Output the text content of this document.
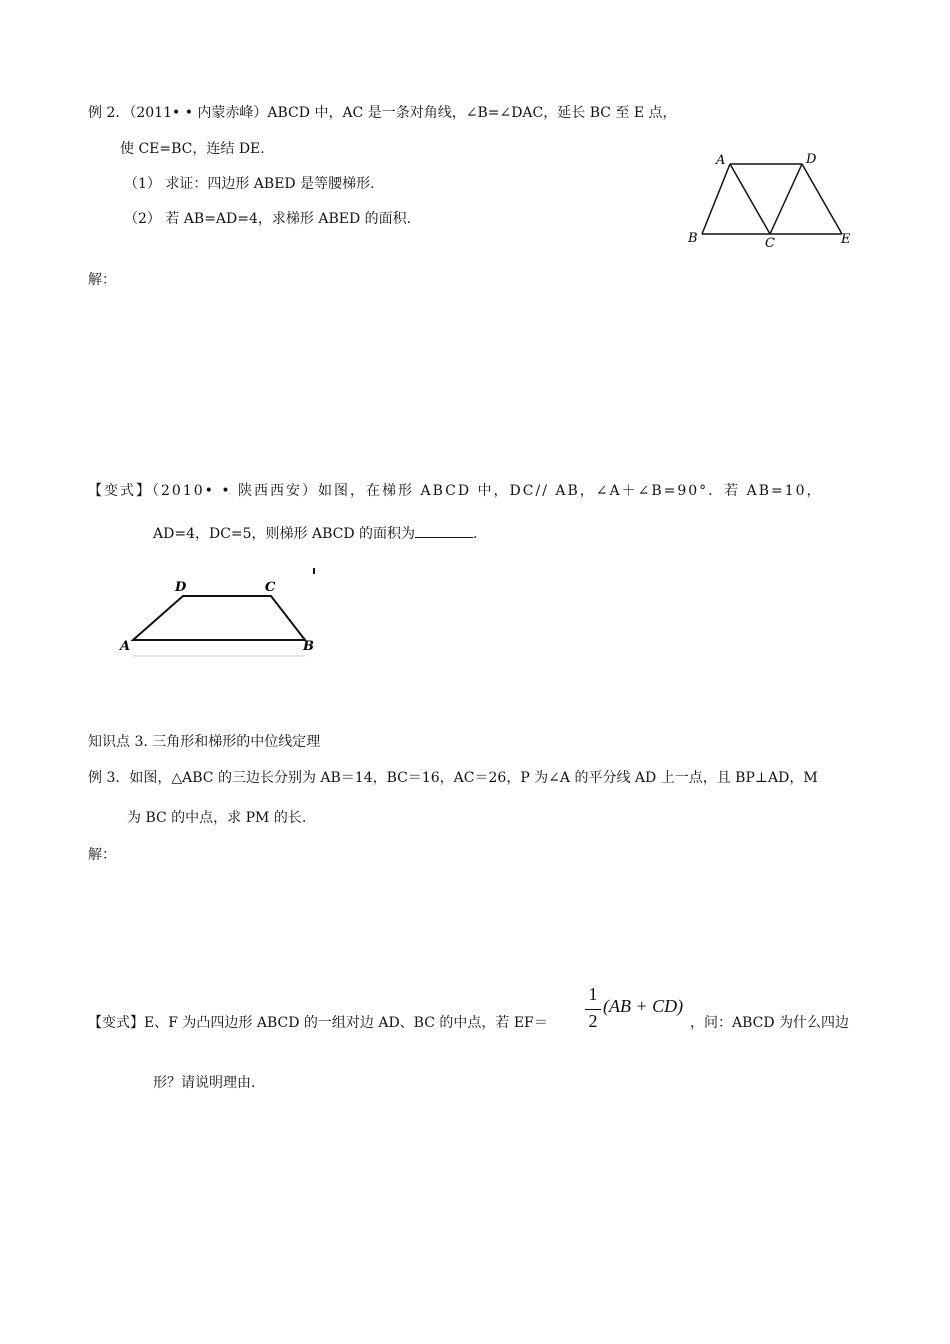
例 2．（2011• • 内蒙赤峰）ABCD 中，AC 是一条对角线，∠B=∠DAC，延长 BC 至 E 点，
使 CE=BC，连结 DE.
（1） 求证：四边形 ABED 是等腰梯形.
（2） 若 AB=AD=4，求梯形 ABED 的面积.
A	D
B	C	E
解：
【变式】（2010• • 陕西西安）如图，在梯形 ABCD 中，DC// AB，∠A＋∠B=90°．若 AB=10，
AD=4，DC=5，则梯形 ABCD 的面积为	.
D	C
A	B
知识点 3. 三角形和梯形的中位线定理
例 3．如图，△ABC 的三边长分别为 AB＝14，BC＝16，AC＝26，P 为∠A 的平分线 AD 上一点，且 BP⊥AD，M
为 BC 的中点，求 PM 的长.
解：
【变式】E、F 为凸四边形 ABCD 的一组对边 AD、BC 的中点，若 EF＝
1
2
(AB + CD)
，问：ABCD 为什么四边
形？请说明理由.
